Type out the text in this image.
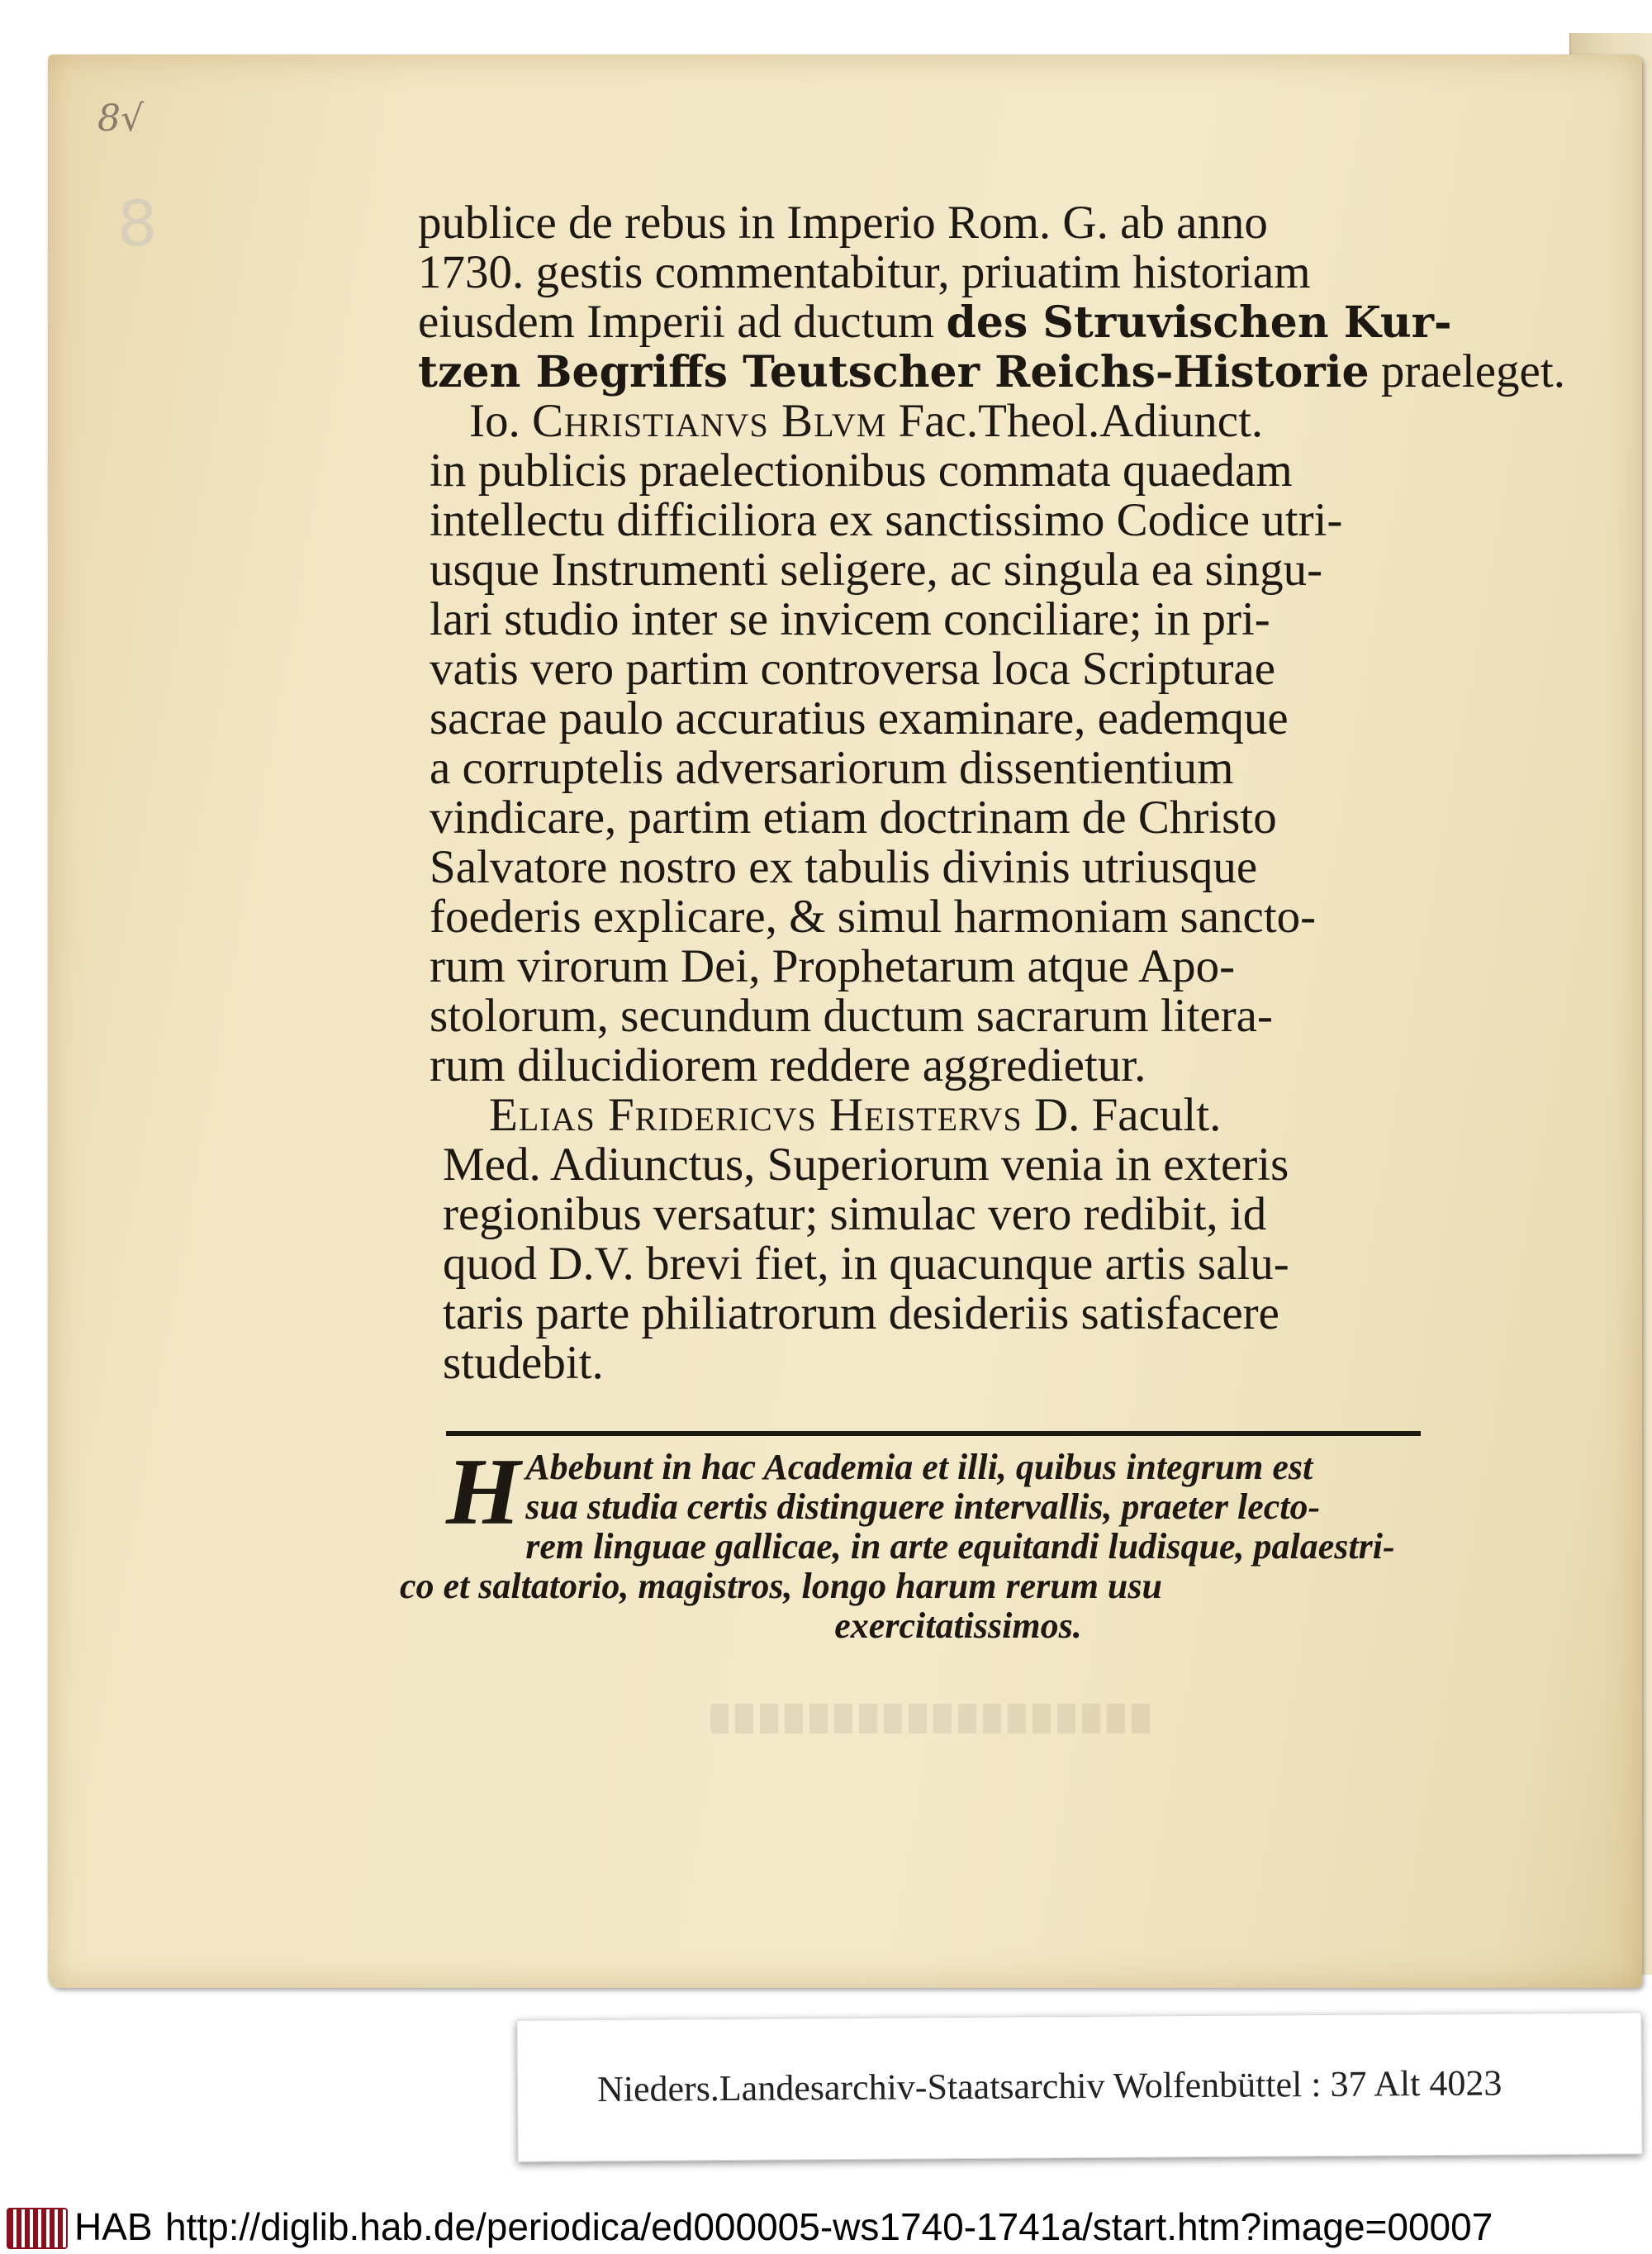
8√
8	publice de rebus in Imperio Rom. G. ab anno
1730. gestis commentabitur, priuatim historiam
eiusdem Imperii ad ductum des Struvischen Kur-
tzen Begriffs Teutscher Reichs-Historie praeleget.
Io. Christianvs Blvm Fac.Theol.Adiunct.
in publicis praelectionibus commata quaedam
intellectu difficiliora ex sanctissimo Codice utri-
usque Instrumenti seligere, ac singula ea singu-
lari studio inter se invicem conciliare; in pri-
vatis vero partim controversa loca Scripturae
sacrae paulo accuratius examinare, eademque
a corruptelis adversariorum dissentientium
vindicare, partim etiam doctrinam de Christo
Salvatore nostro ex tabulis divinis utriusque
foederis explicare, & simul harmoniam sancto-
rum virorum Dei, Prophetarum atque Apo-
stolorum, secundum ductum sacrarum litera-
rum dilucidiorem reddere aggredietur.
Elias Fridericvs Heistervs D. Facult.
Med. Adiunctus, Superiorum venia in exteris
regionibus versatur; simulac vero redibit, id
quod D.V. brevi fiet, in quacunque artis salu-
taris parte philiatrorum desideriis satisfacere
studebit.
H Abebunt in hac Academia et illi, quibus integrum est
sua studia certis distinguere intervallis, praeter lecto-
rem linguae gallicae, in arte equitandi ludisque, palaestri-
co et saltatorio, magistros, longo harum rerum usu
exercitatissimos.
Nieders.Landesarchiv-Staatsarchiv Wolfenbüttel : 37 Alt 4023
HAB http://diglib.hab.de/periodica/ed000005-ws1740-1741a/start.htm?image=00007
